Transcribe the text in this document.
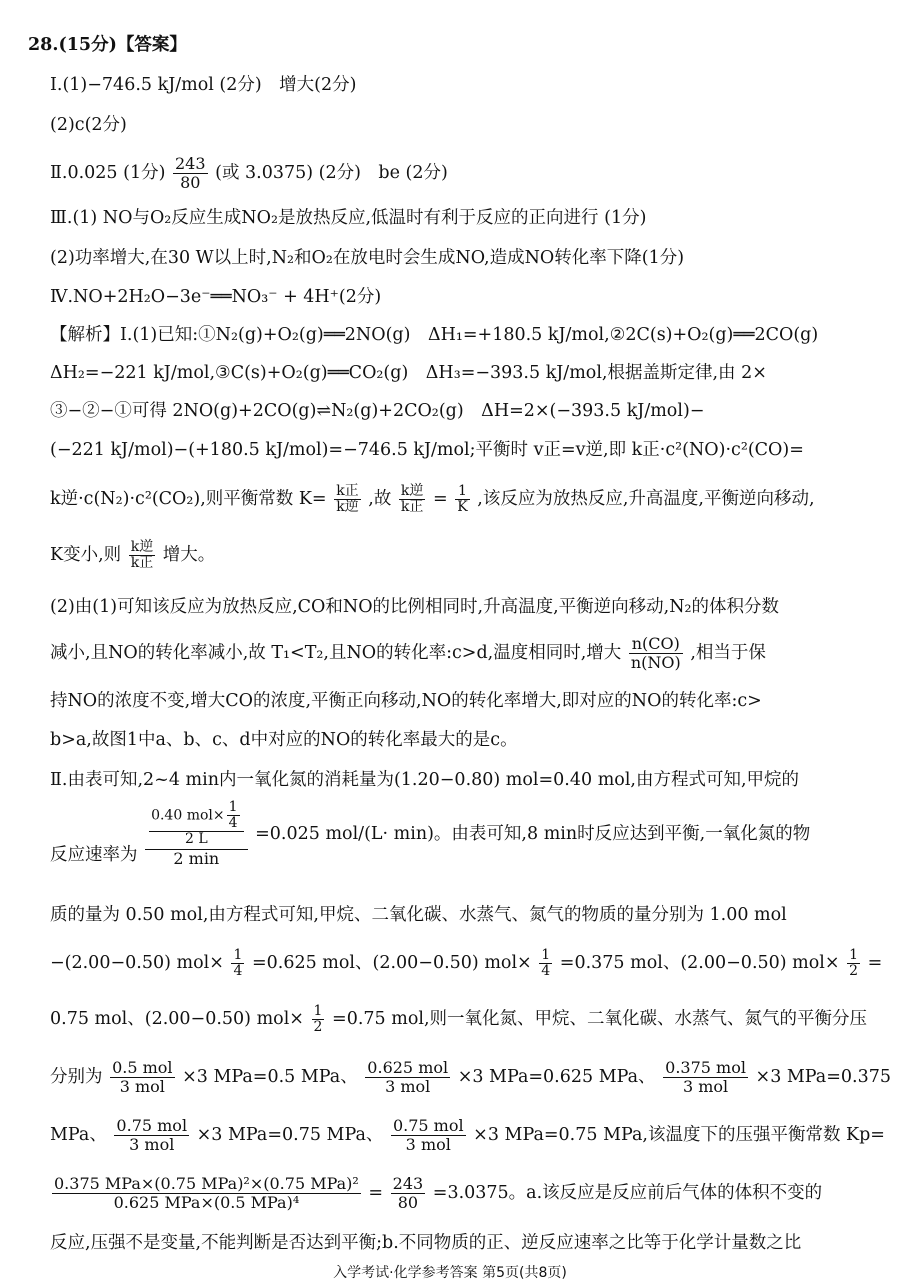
28.(15分)【答案】
Ⅰ.(1)−746.5 kJ/mol (2分)　增大(2分)
(2)c(2分)
Ⅱ.0.025 (1分) $\frac{243}{80}$ (或 3.0375) (2分)　be (2分)
Ⅲ.(1) NO与O₂反应生成NO₂是放热反应,低温时有利于反应的正向进行 (1分)
(2)功率增大,在30 W以上时,N₂和O₂在放电时会生成NO,造成NO转化率下降(1分)
Ⅳ.NO+2H₂O−3e⁻══NO₃⁻ + 4H⁺(2分)
【解析】Ⅰ.(1)已知:①N₂(g)+O₂(g)══2NO(g)　ΔH₁=+180.5 kJ/mol,②2C(s)+O₂(g)══2CO(g)
ΔH₂=−221 kJ/mol,③C(s)+O₂(g)══CO₂(g)　ΔH₃=−393.5 kJ/mol,根据盖斯定律,由 2×
③−②−①可得 2NO(g)+2CO(g)⇌N₂(g)+2CO₂(g)　ΔH=2×(−393.5 kJ/mol)−
(−221 kJ/mol)−(+180.5 kJ/mol)=−746.5 kJ/mol;平衡时 v正=v逆,即 k正·c²(NO)·c²(CO)=
k逆·c(N₂)·c²(CO₂),则平衡常数 $K= \frac{\text{k正}}{\text{k逆}}$ ,故 $\frac{\text{k逆}}{\text{k正}} = \frac{1}{K}$ ,该反应为放热反应,升高温度,平衡逆向移动,
K变小,则 $\frac{\text{k逆}}{\text{k正}}$ 增大。
(2)由(1)可知该反应为放热反应,CO和NO的比例相同时,升高温度,平衡逆向移动,N₂的体积分数
减小,且NO的转化率减小,故 T₁<T₂,且NO的转化率:c>d,温度相同时,增大 $\frac{n(CO)}{n(NO)}$ ,相当于保
持NO的浓度不变,增大CO的浓度,平衡正向移动,NO的转化率增大,即对应的NO的转化率:c>
b>a,故图1中a、b、c、d中对应的NO的转化率最大的是c。
Ⅱ.由表可知,2~4 min内一氧化氮的消耗量为(1.20−0.80) mol=0.40 mol,由方程式可知,甲烷的
反应速率为 $\frac{\frac{0.40 mol\times \frac{1}{4}}{2 L}}{2 \min} =0.025$ mol/(L· min)。由表可知,8 min时反应达到平衡,一氧化氮的物
质的量为 0.50 mol,由方程式可知,甲烷、二氧化碳、水蒸气、氮气的物质的量分别为 1.00 mol
−(2.00−0.50) $mol\times \frac{1}{4} =0.625$ mol、(2.00−0.50) $mol\times \frac{1}{4} =0.375$ mol、(2.00−0.50) $mol\times \frac{1}{2}$ =
0.75 mol、(2.00−0.50) $mol\times \frac{1}{2} =0.75$ mol,则一氧化氮、甲烷、二氧化碳、水蒸气、氮气的平衡分压
分别为 $\frac{\text{0.5 mol}}{\text{3 mol}} \times 3$ MPa=0.5 MPa、 $\frac{\text{0.625 mol}}{\text{3 mol}} \times 3$ MPa=0.625 MPa、 $\frac{\text{0.375 mol}}{\text{3 mol}} \times 3$ MPa=0.375
MPa、 $\frac{\text{0.75 mol}}{\text{3 mol}} \times 3$ MPa=0.75 MPa、 $\frac{\text{0.75 mol}}{\text{3 mol}} \times 3$ MPa=0.75 MPa,该温度下的压强平衡常数 Kp=
$\frac{\text{0.375 MPa×(0.75 MPa)²×(0.75 MPa)²}}{\text{0.625 MPa×(0.5 MPa)⁴}} = \frac{243}{80} =3.0375$。a.该反应是反应前后气体的体积不变的
反应,压强不是变量,不能判断是否达到平衡;b.不同物质的正、逆反应速率之比等于化学计量数之比
入学考试·化学参考答案 第5页(共8页)
